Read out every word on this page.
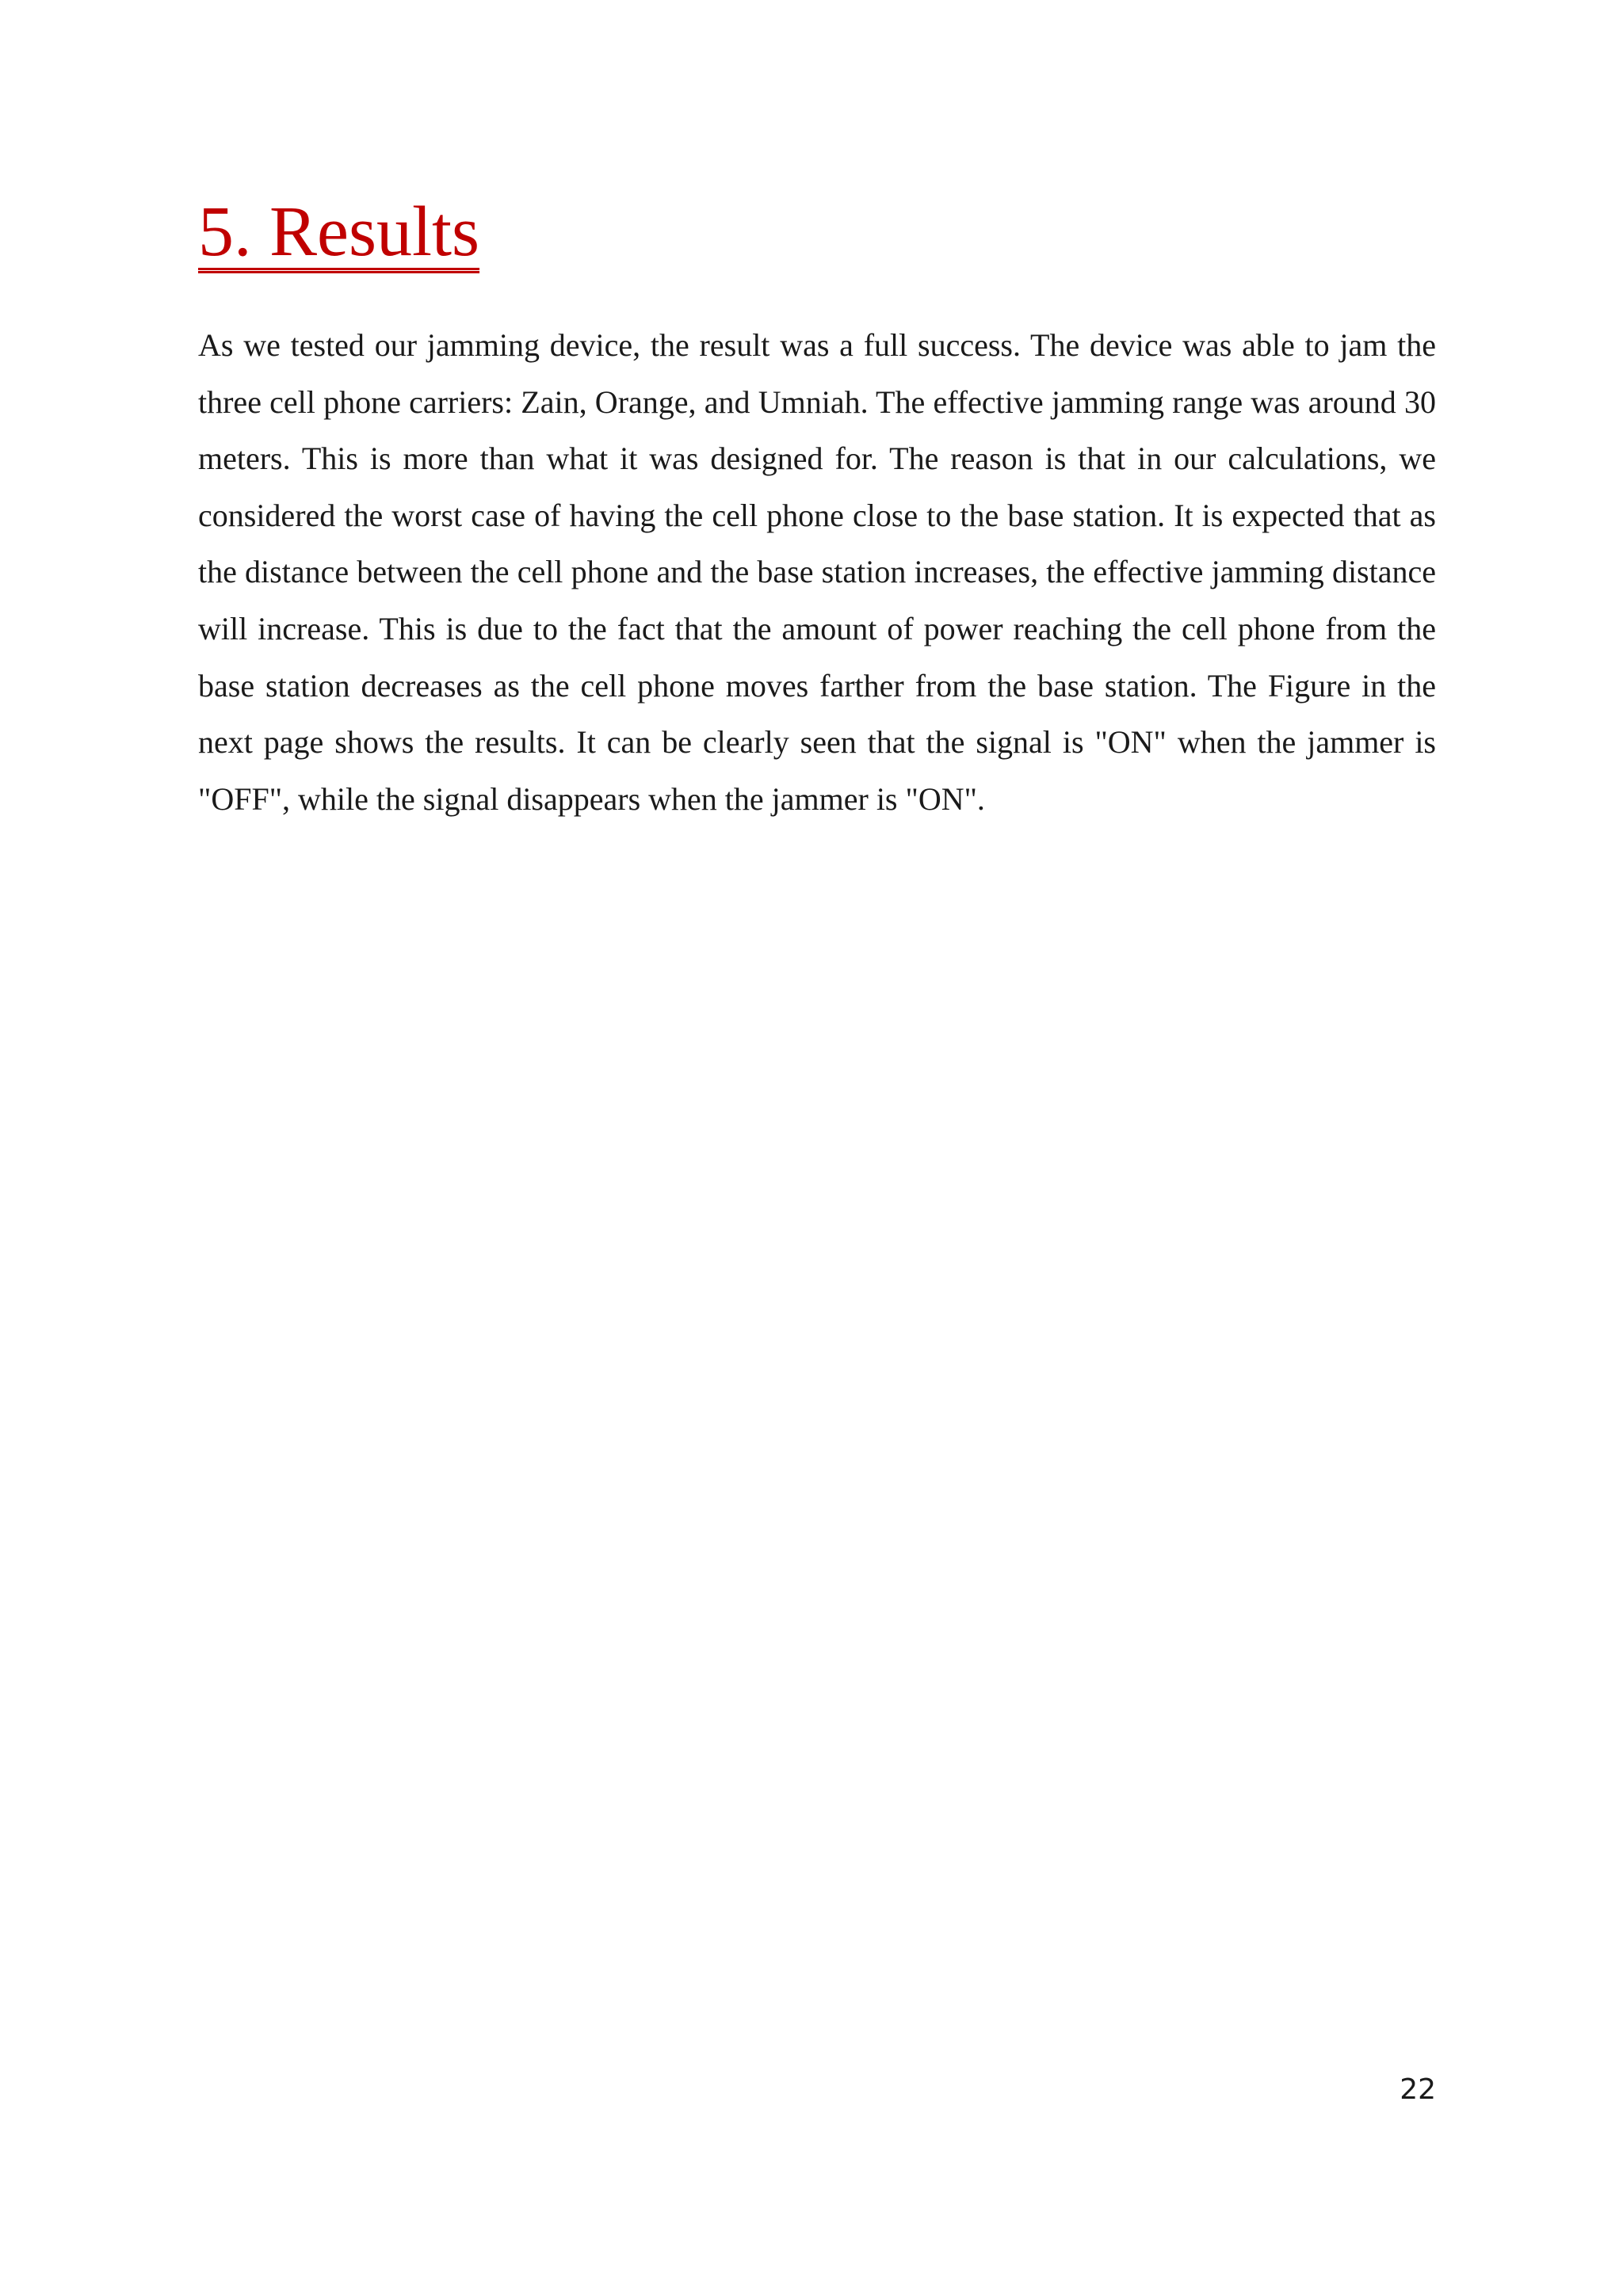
5. Results

As we tested our jamming device, the result was a full success. The device was able to jam the three cell phone carriers: Zain, Orange, and Umniah. The effective jamming range was around 30 meters. This is more than what it was designed for. The reason is that in our calculations, we considered the worst case of having the cell phone close to the base station. It is expected that as the distance between the cell phone and the base station increases, the effective jamming distance will increase. This is due to the fact that the amount of power reaching the cell phone from the base station decreases as the cell phone moves farther from the base station. The Figure in the next page shows the results. It can be clearly seen that the signal is "ON" when the jammer is "OFF", while the signal disappears when the jammer is "ON".

22
